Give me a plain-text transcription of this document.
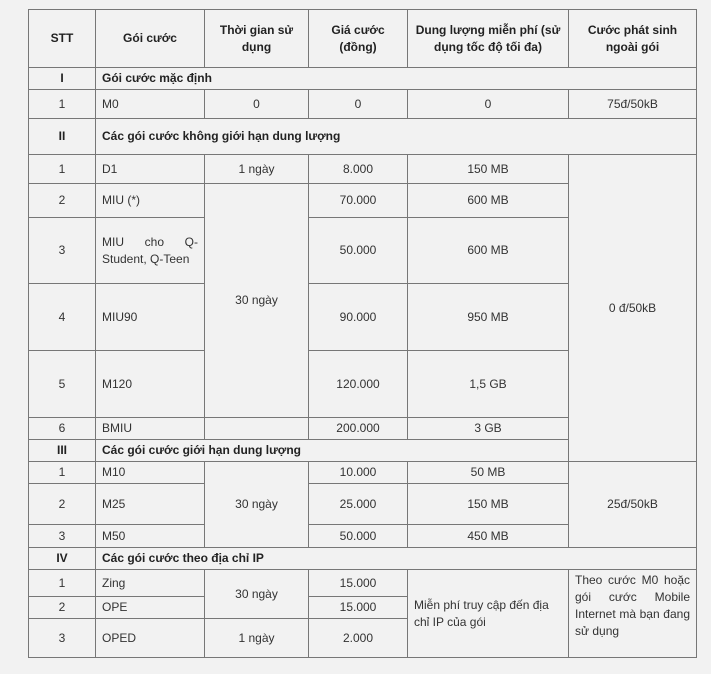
STT	Gói cước	Thời gian sử dụng	Giá cước (đồng)	Dung lượng miễn phí (sử dụng tốc độ tối đa)	Cước phát sinh ngoài gói
I	Gói cước mặc định				
1	M0	0	0	0	75đ/50kB
II	Các gói cước không giới hạn dung lượng				
1	D1	1 ngày	8.000	150 MB	0 đ/50kB
2	MIU (*)	30 ngày	70.000	600 MB	
3	MIU cho Q-Student, Q-Teen		50.000	600 MB	
4	MIU90		90.000	950 MB	
5	M120		120.000	1,5 GB	
6	BMIU		200.000	3 GB	
III	Các gói cước giới hạn dung lượng				
1	M10	30 ngày	10.000	50 MB	25đ/50kB
2	M25		25.000	150 MB	
3	M50		50.000	450 MB	
IV	Các gói cước theo địa chỉ IP				
1	Zing	30 ngày	15.000	Miễn phí truy cập đến địa chỉ IP của gói	Theo cước M0 hoặc gói cước Mobile Internet mà bạn đang sử dụng
2	OPE		15.000		
3	OPED	1 ngày	2.000		
